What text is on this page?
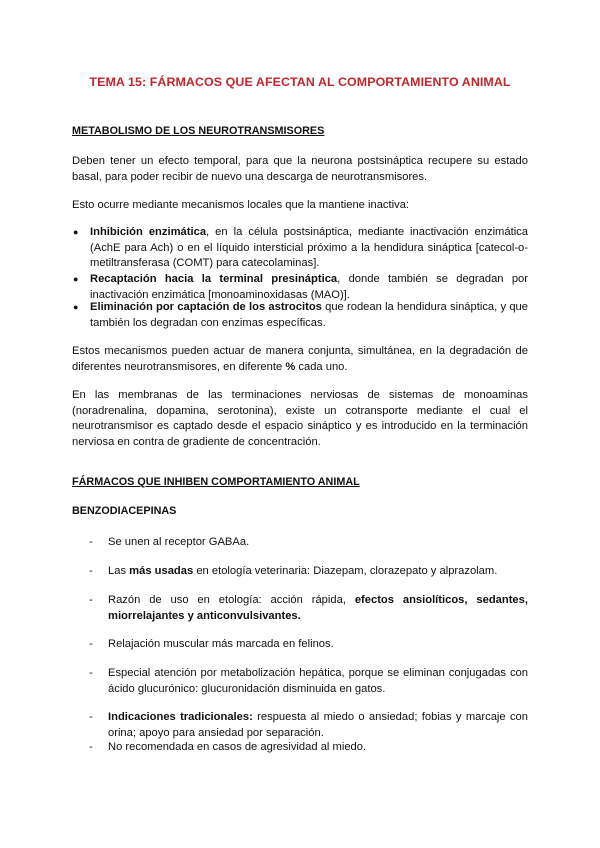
TEMA 15: FÁRMACOS QUE AFECTAN AL COMPORTAMIENTO ANIMAL
METABOLISMO DE LOS NEUROTRANSMISORES
Deben tener un efecto temporal, para que la neurona postsináptica recupere su estado basal, para poder recibir de nuevo una descarga de neurotransmisores.
Esto ocurre mediante mecanismos locales que la mantiene inactiva:
● Inhibición enzimática, en la célula postsináptica, mediante inactivación enzimática (AchE para Ach) o en el líquido intersticial próximo a la hendidura sináptica [catecol-o-metiltransferasa (COMT) para catecolaminas].
● Recaptación hacia la terminal presináptica, donde también se degradan por inactivación enzimática [monoaminoxidasas (MAO)].
● Eliminación por captación de los astrocitos que rodean la hendidura sináptica, y que también los degradan con enzimas específicas.
Estos mecanismos pueden actuar de manera conjunta, simultánea, en la degradación de diferentes neurotransmisores, en diferente % cada uno.
En las membranas de las terminaciones nerviosas de sistemas de monoaminas (noradrenalina, dopamina, serotonina), existe un cotransporte mediante el cual el neurotransmisor es captado desde el espacio sináptico y es introducido en la terminación nerviosa en contra de gradiente de concentración.
FÁRMACOS QUE INHIBEN COMPORTAMIENTO ANIMAL
BENZODIACEPINAS
- Se unen al receptor GABAa.
- Las más usadas en etología veterinaria: Diazepam, clorazepato y alprazolam.
- Razón de uso en etología: acción rápida, efectos ansiolíticos, sedantes, miorrelajantes y anticonvulsivantes.
- Relajación muscular más marcada en felinos.
- Especial atención por metabolización hepática, porque se eliminan conjugadas con ácido glucurónico: glucuronidación disminuida en gatos.
- Indicaciones tradicionales: respuesta al miedo o ansiedad; fobias y marcaje con orina; apoyo para ansiedad por separación.
- No recomendada en casos de agresividad al miedo.
